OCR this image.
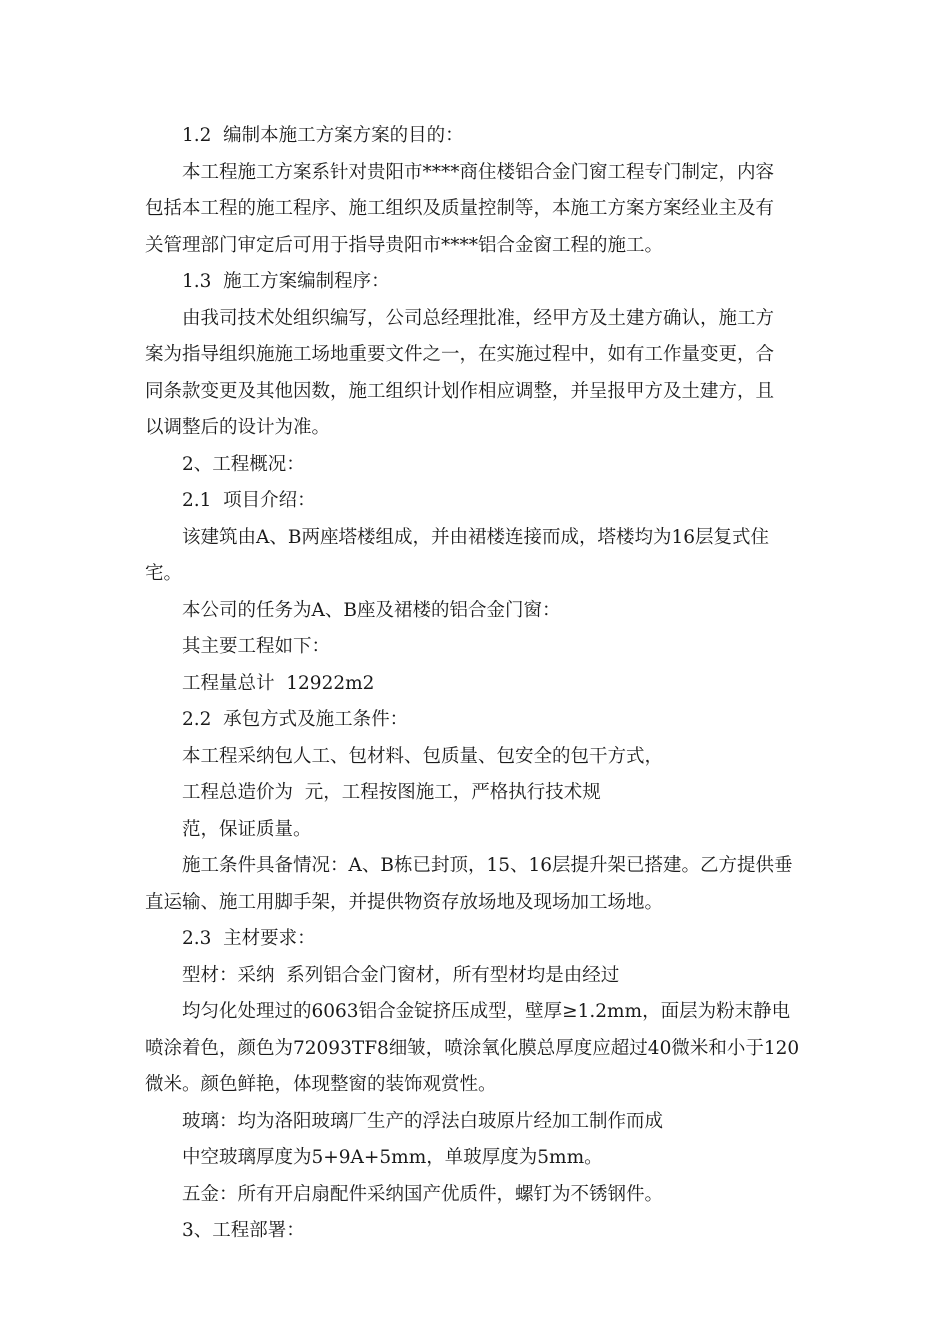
1.2  编制本施工方案方案的目的：

本工程施工方案系针对贵阳市****商住楼铝合金门窗工程专门制定，内容

包括本工程的施工程序、施工组织及质量控制等，本施工方案方案经业主及有

关管理部门审定后可用于指导贵阳市****铝合金窗工程的施工。

1.3  施工方案编制程序：

由我司技术处组织编写，公司总经理批准，经甲方及土建方确认，施工方

案为指导组织施施工场地重要文件之一，在实施过程中，如有工作量变更，合

同条款变更及其他因数，施工组织计划作相应调整，并呈报甲方及土建方，且

以调整后的设计为准。

2、工程概况：

2.1  项目介绍：

该建筑由A、B两座塔楼组成，并由裙楼连接而成，塔楼均为16层复式住

宅。

本公司的任务为A、B座及裙楼的铝合金门窗：

其主要工程如下：

工程量总计  12922m2

2.2  承包方式及施工条件：

本工程采纳包人工、包材料、包质量、包安全的包干方式，

工程总造价为  元，工程按图施工，严格执行技术规

范，保证质量。

施工条件具备情况：A、B栋已封顶，15、16层提升架已搭建。乙方提供垂

直运输、施工用脚手架，并提供物资存放场地及现场加工场地。

2.3  主材要求：

型材：采纳  系列铝合金门窗材，所有型材均是由经过

均匀化处理过的6063铝合金锭挤压成型，壁厚≥1.2mm，面层为粉末静电

喷涂着色，颜色为72093TF8细皱，喷涂氧化膜总厚度应超过40微米和小于120

微米。颜色鲜艳，体现整窗的装饰观赏性。

玻璃：均为洛阳玻璃厂生产的浮法白玻原片经加工制作而成

中空玻璃厚度为5+9A+5mm，单玻厚度为5mm。

五金：所有开启扇配件采纳国产优质件，螺钉为不锈钢件。

3、工程部署：
